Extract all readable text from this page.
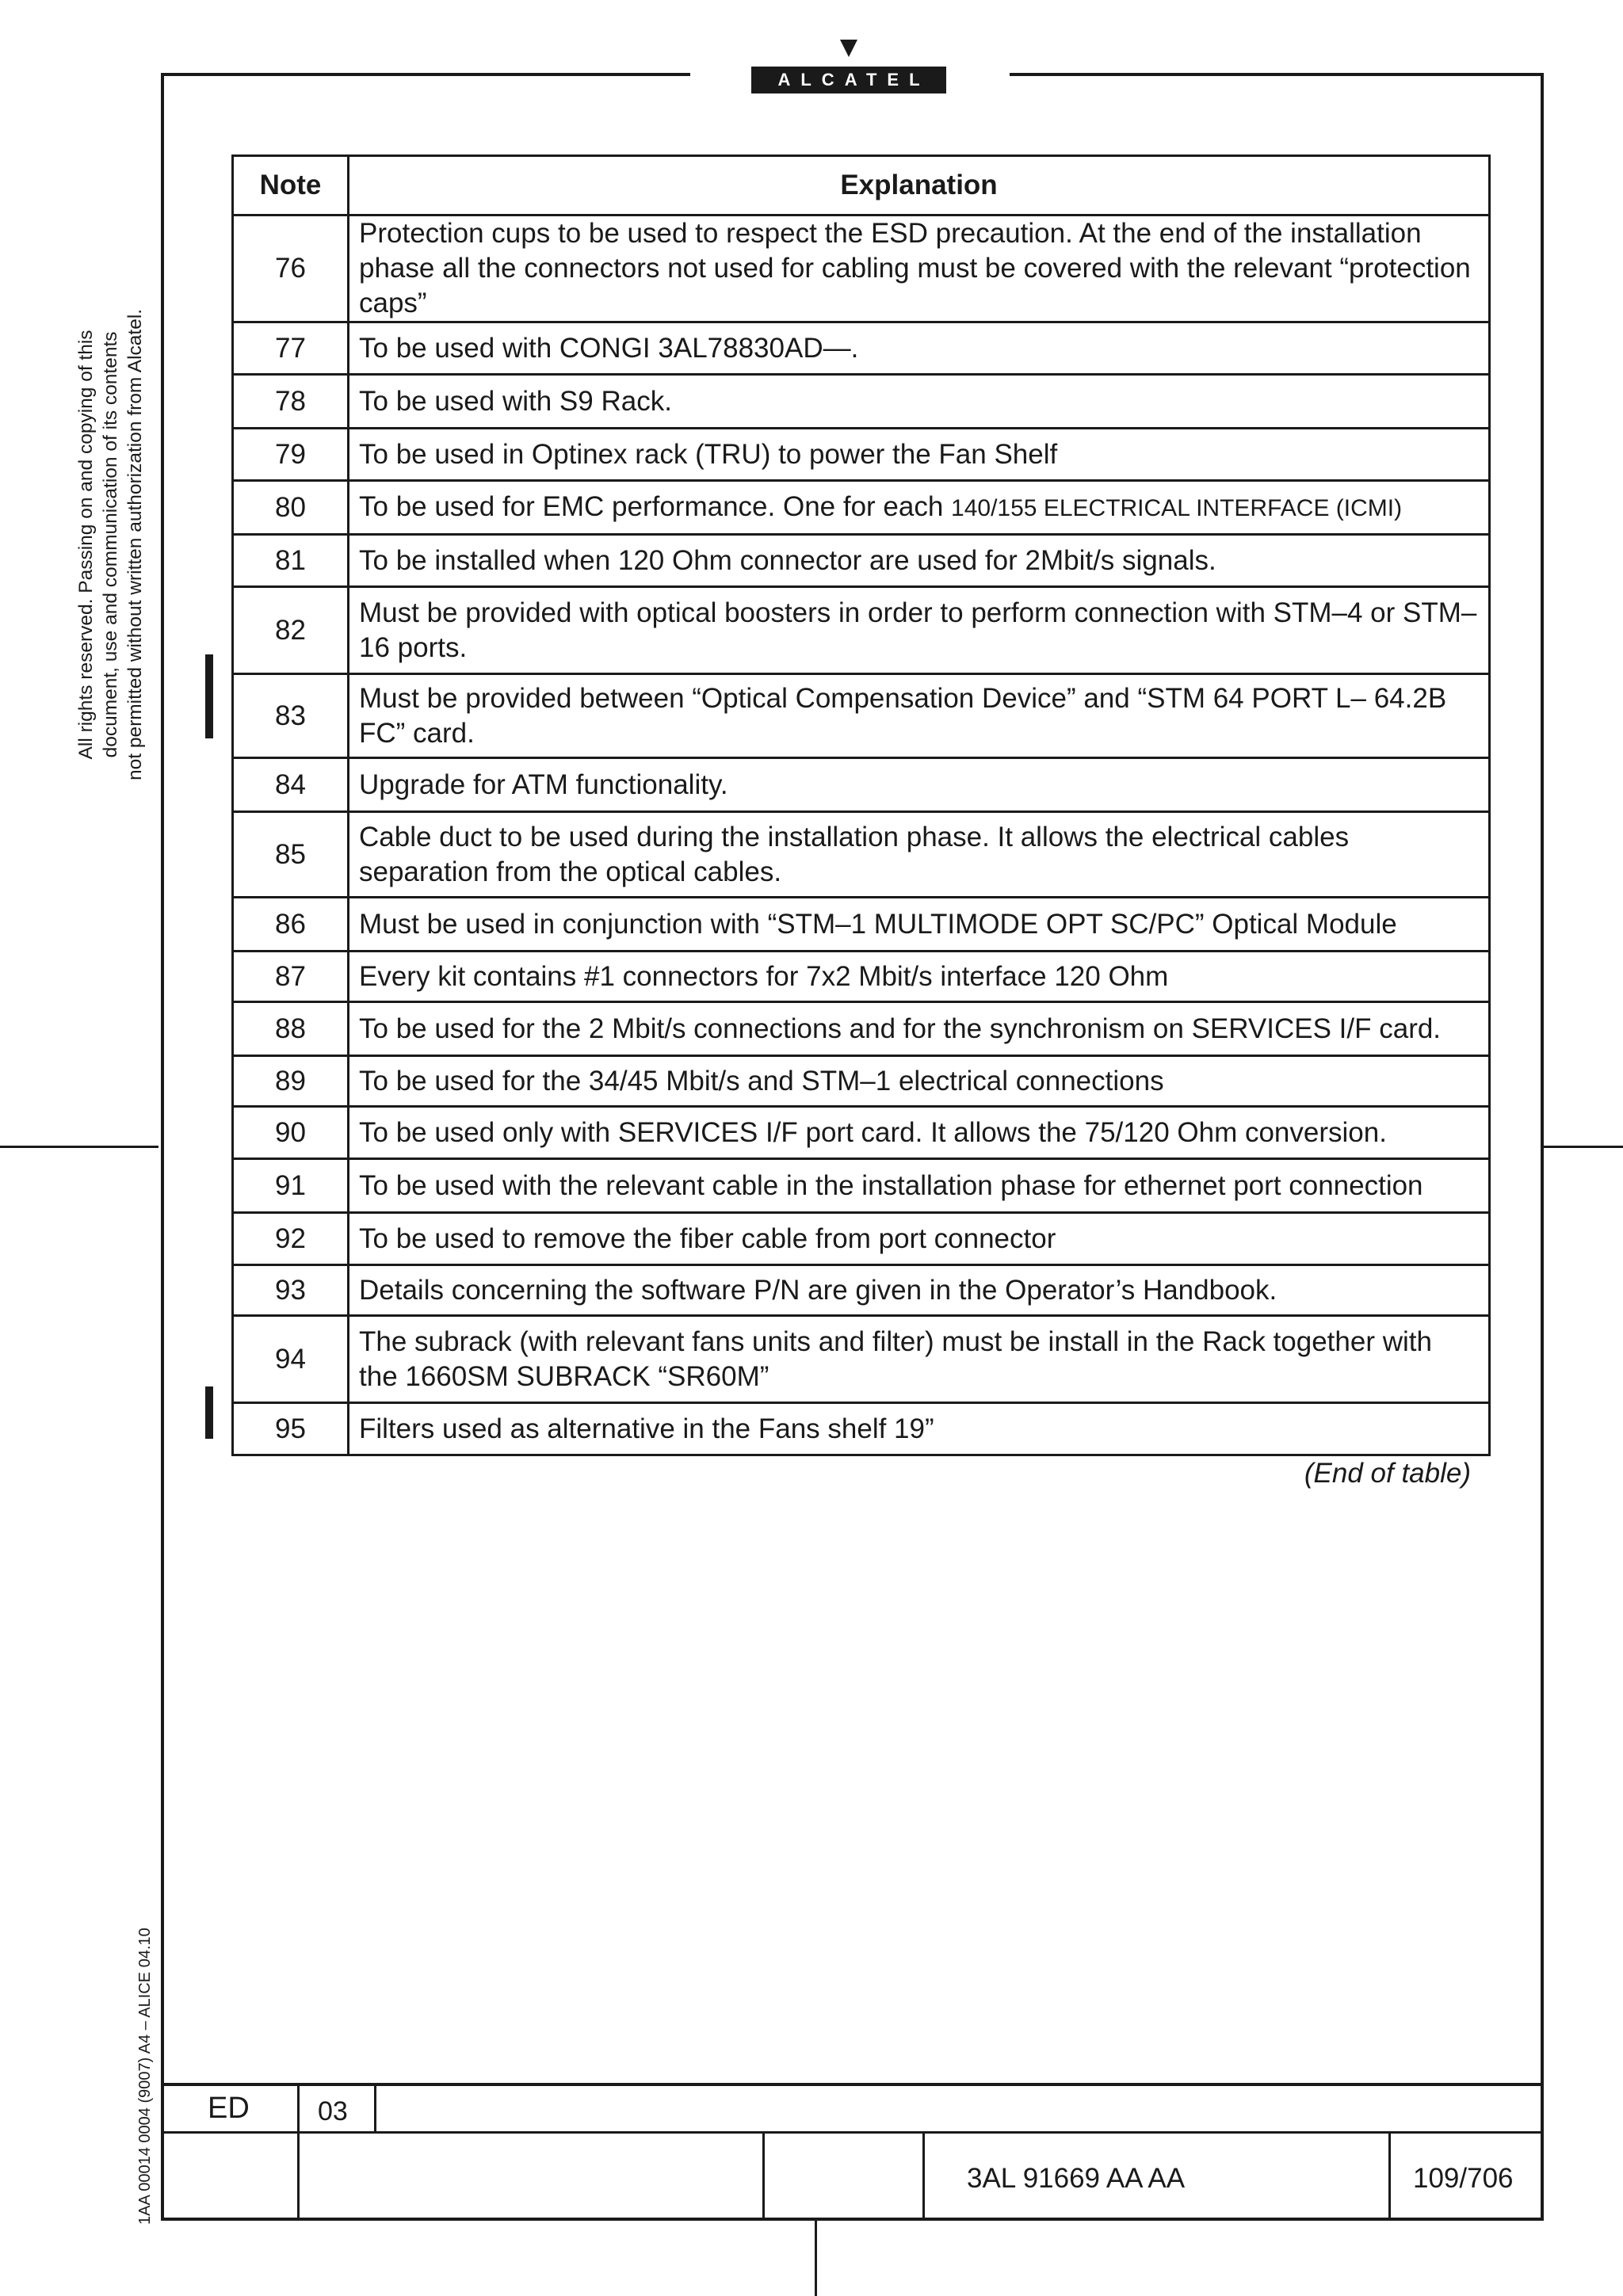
ALCATEL
All rights reserved. Passing on and copying of this document, use and communication of its contents not permitted without written authorization from Alcatel.
1AA 00014 0004 (9007) A4 – ALICE 04.10
Note	Explanation
76	Protection cups to be used to respect the ESD precaution. At the end of the installation phase all the connectors not used for cabling must be covered with the relevant “protection caps”
77	To be used with CONGI 3AL78830AD—.
78	To be used with S9 Rack.
79	To be used in Optinex rack (TRU) to power the Fan Shelf
80	To be used for EMC performance. One for each 140/155 ELECTRICAL INTERFACE (ICMI)
81	To be installed when 120 Ohm connector are used for 2Mbit/s signals.
82	Must be provided with optical boosters in order to perform connection with STM–4 or STM–16 ports.
83	Must be provided between “Optical Compensation Device” and “STM 64 PORT L– 64.2B FC” card.
84	Upgrade for ATM functionality.
85	Cable duct to be used during the installation phase. It allows the electrical cables separation from the optical cables.
86	Must be used in conjunction with “STM–1 MULTIMODE OPT SC/PC” Optical Module
87	Every kit contains #1 connectors for 7x2 Mbit/s interface 120 Ohm
88	To be used for the 2 Mbit/s connections and for the synchronism on SERVICES I/F card.
89	To be used for the 34/45 Mbit/s and STM–1 electrical connections
90	To be used only with SERVICES I/F port card. It allows the 75/120 Ohm conversion.
91	To be used with the relevant cable in the installation phase for ethernet port connection
92	To be used to remove the fiber cable from port connector
93	Details concerning the software P/N are given in the Operator’s Handbook.
94	The subrack (with relevant fans units and filter) must be install in the Rack together with the 1660SM SUBRACK “SR60M”
95	Filters used as alternative in the Fans shelf 19”
(End of table)
ED	03
3AL 91669 AA AA	109/706
